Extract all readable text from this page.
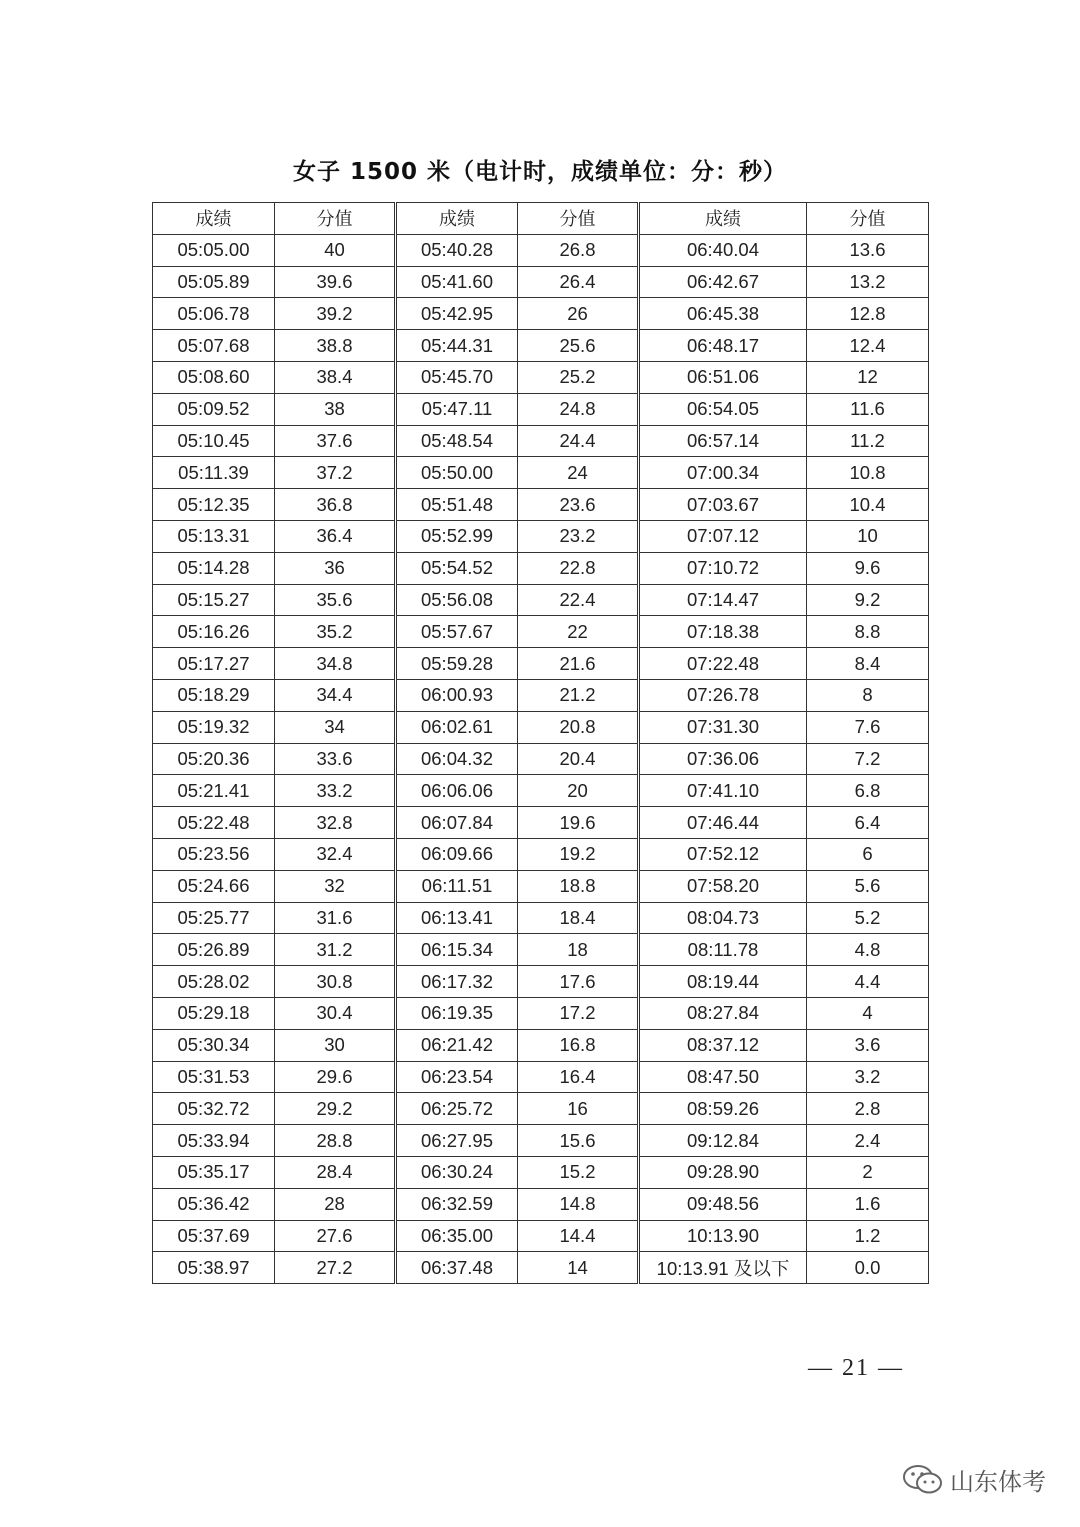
女子 1500 米（电计时，成绩单位：分：秒）
成绩	分值	成绩	分值	成绩	分值
05:05.00	40	05:40.28	26.8	06:40.04	13.6
05:05.89	39.6	05:41.60	26.4	06:42.67	13.2
05:06.78	39.2	05:42.95	26	06:45.38	12.8
05:07.68	38.8	05:44.31	25.6	06:48.17	12.4
05:08.60	38.4	05:45.70	25.2	06:51.06	12
05:09.52	38	05:47.11	24.8	06:54.05	11.6
05:10.45	37.6	05:48.54	24.4	06:57.14	11.2
05:11.39	37.2	05:50.00	24	07:00.34	10.8
05:12.35	36.8	05:51.48	23.6	07:03.67	10.4
05:13.31	36.4	05:52.99	23.2	07:07.12	10
05:14.28	36	05:54.52	22.8	07:10.72	9.6
05:15.27	35.6	05:56.08	22.4	07:14.47	9.2
05:16.26	35.2	05:57.67	22	07:18.38	8.8
05:17.27	34.8	05:59.28	21.6	07:22.48	8.4
05:18.29	34.4	06:00.93	21.2	07:26.78	8
05:19.32	34	06:02.61	20.8	07:31.30	7.6
05:20.36	33.6	06:04.32	20.4	07:36.06	7.2
05:21.41	33.2	06:06.06	20	07:41.10	6.8
05:22.48	32.8	06:07.84	19.6	07:46.44	6.4
05:23.56	32.4	06:09.66	19.2	07:52.12	6
05:24.66	32	06:11.51	18.8	07:58.20	5.6
05:25.77	31.6	06:13.41	18.4	08:04.73	5.2
05:26.89	31.2	06:15.34	18	08:11.78	4.8
05:28.02	30.8	06:17.32	17.6	08:19.44	4.4
05:29.18	30.4	06:19.35	17.2	08:27.84	4
05:30.34	30	06:21.42	16.8	08:37.12	3.6
05:31.53	29.6	06:23.54	16.4	08:47.50	3.2
05:32.72	29.2	06:25.72	16	08:59.26	2.8
05:33.94	28.8	06:27.95	15.6	09:12.84	2.4
05:35.17	28.4	06:30.24	15.2	09:28.90	2
05:36.42	28	06:32.59	14.8	09:48.56	1.6
05:37.69	27.6	06:35.00	14.4	10:13.90	1.2
05:38.97	27.2	06:37.48	14	10:13.91 及以下	0.0
— 21 —
山东体考
